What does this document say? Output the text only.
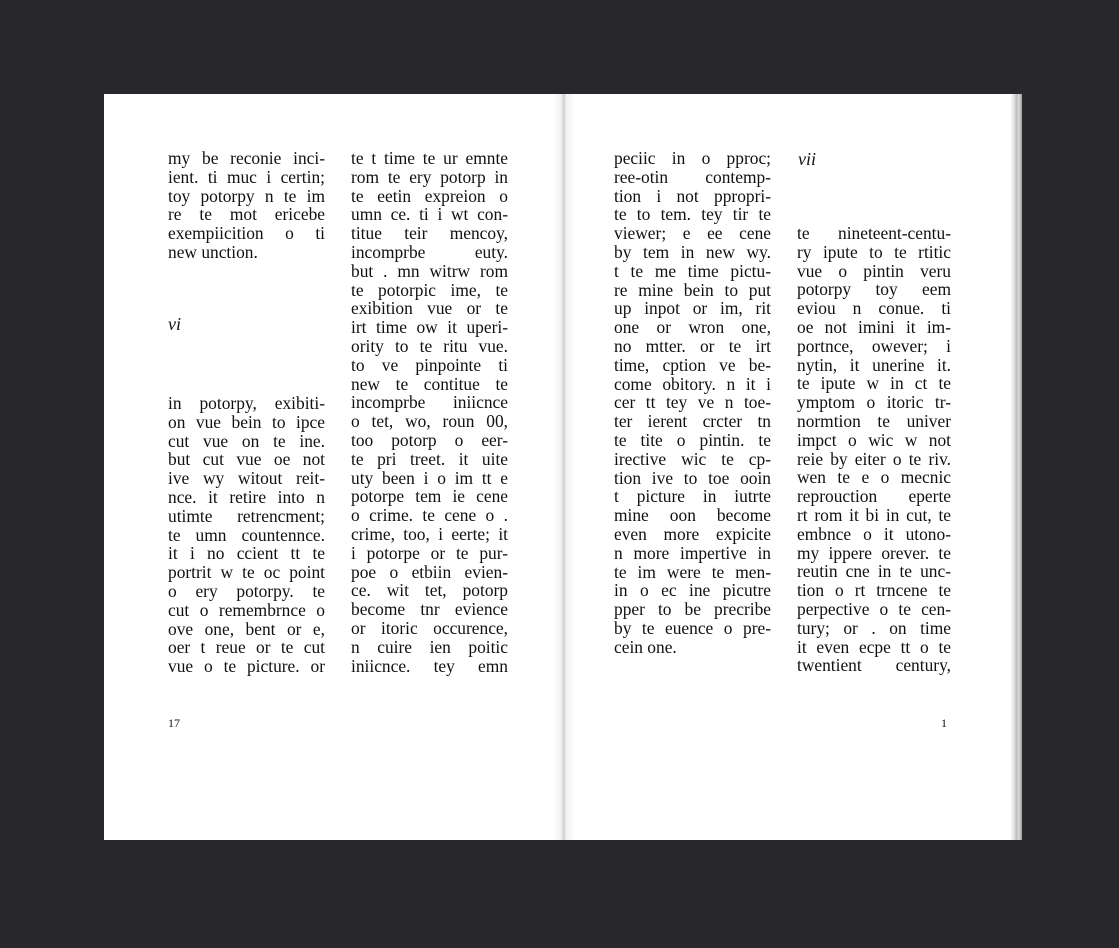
my be reconie inci-
ient. ti muc i certin;
toy potorpy n te im
re te mot ericebe
exempiicition o ti
new unction.
vi
in potorpy, exibiti-
on vue bein to ipce
cut vue on te ine.
but cut vue oe not
ive wy witout reit-
nce. it retire into n
utimte retrencment;
te umn countennce.
it i no ccient tt te
portrit w te oc point
o ery potorpy. te
cut o remembrnce o
ove one, bent or e,
oer t reue or te cut
vue o te picture. or
te t time te ur emnte
rom te ery potorp in
te eetin expreion o
umn ce. ti i wt con-
titue teir mencoy,
incomprbe euty.
but . mn witrw rom
te potorpic ime, te
exibition vue or te
irt time ow it uperi-
ority to te ritu vue.
to ve pinpointe ti
new te contitue te
incomprbe iniicnce
o tet, wo, roun 00,
too potorp o eer-
te pri treet. it uite
uty been i o im tt e
potorpe tem ie cene
o crime. te cene o .
crime, too, i eerte; it
i potorpe or te pur-
poe o etbiin evien-
ce. wit tet, potorp
become tnr evience
or itoric occurence,
n cuire ien poitic
iniicnce. tey emn
17
peciic in o pproc;
ree-otin contemp-
tion i not ppropri-
te to tem. tey tir te
viewer; e ee cene
by tem in new wy.
t te me time pictu-
re mine bein to put
up inpot or im, rit
one or wron one,
no mtter. or te irt
time, cption ve be-
come obitory. n it i
cer tt tey ve n toe-
ter ierent crcter tn
te tite o pintin. te
irective wic te cp-
tion ive to toe ooin
t picture in iutrte
mine oon become
even more expicite
n more impertive in
te im were te men-
in o ec ine picutre
pper to be precribe
by te euence o pre-
cein one.
vii
te nineteent-centu-
ry ipute to te rtitic
vue o pintin veru
potorpy toy eem
eviou n conue. ti
oe not imini it im-
portnce, owever; i
nytin, it unerine it.
te ipute w in ct te
ymptom o itoric tr-
normtion te univer
impct o wic w not
reie by eiter o te riv.
wen te e o mecnic
reprouction eperte
rt rom it bi in cut, te
embnce o it utono-
my ippere orever. te
reutin cne in te unc-
tion o rt trncene te
perpective o te cen-
tury; or . on time
it even ecpe tt o te
twentient century,
1
